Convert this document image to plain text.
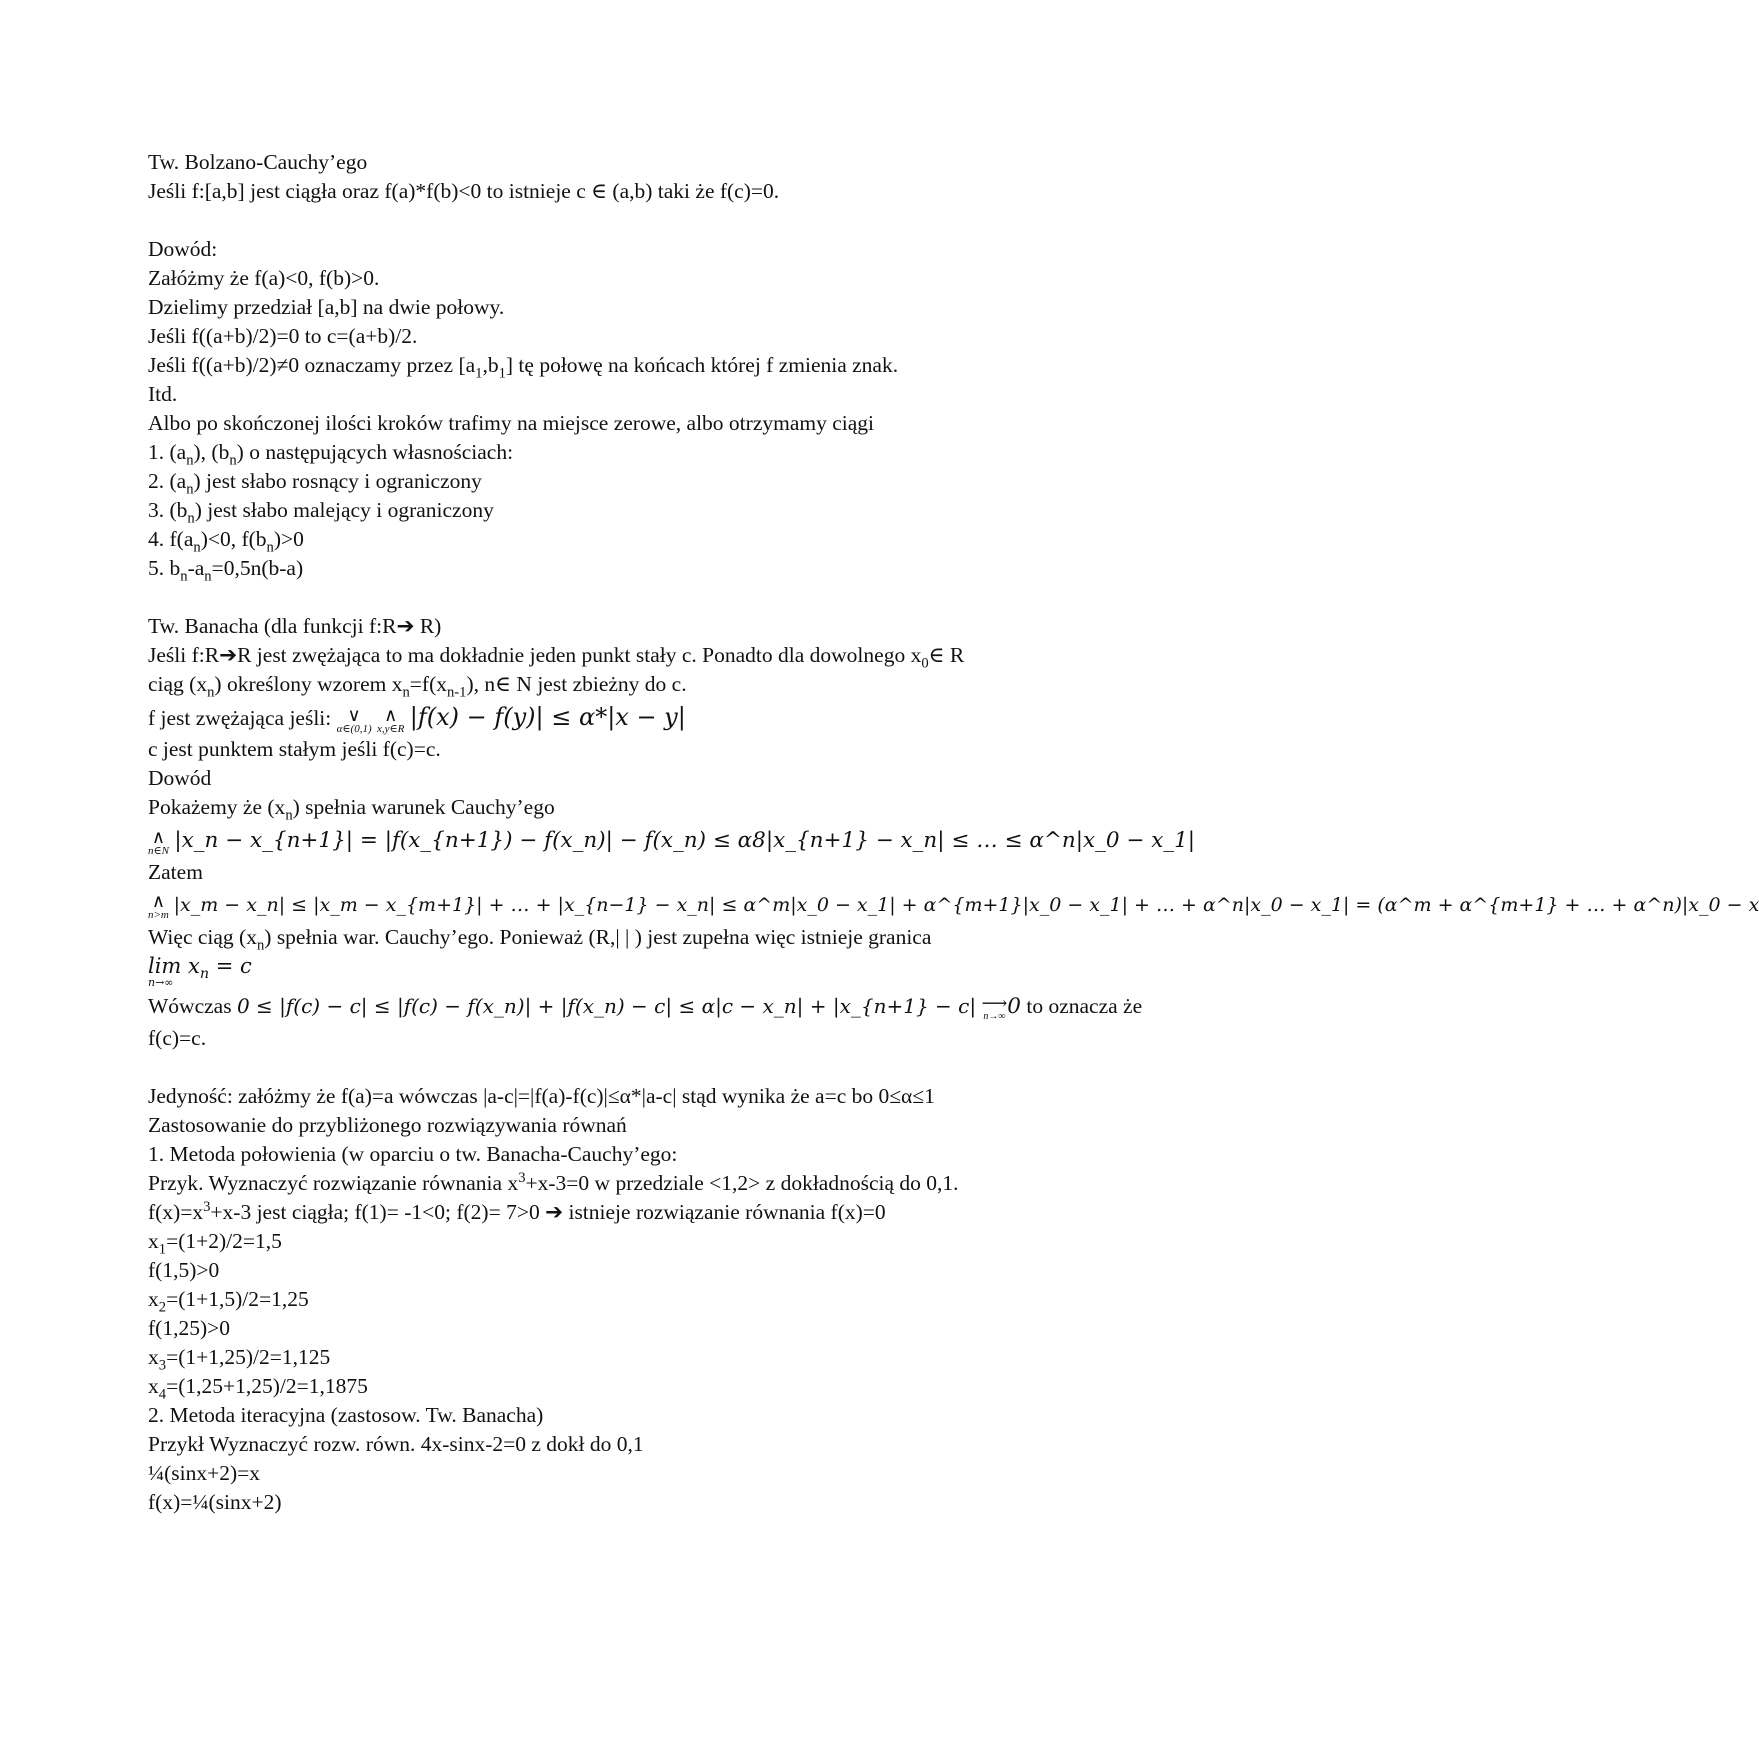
Tw. Bolzano-Cauchy’ego
Jeśli f:[a,b] jest ciągła oraz f(a)*f(b)<0 to istnieje c ∈ (a,b) taki że f(c)=0.
Dowód:
Załóżmy że f(a)<0, f(b)>0.
Dzielimy przedział [a,b] na dwie połowy.
Jeśli f((a+b)/2)=0 to c=(a+b)/2.
Jeśli f((a+b)/2)≠0 oznaczamy przez $[a_1,b_1]$ tę połowę na końcach której f zmienia znak.
Itd.
Albo po skończonej ilości kroków trafimy na miejsce zerowe, albo otrzymamy ciągi
1. $(a_n)$, $(b_n)$ o następujących własnościach:
2. $(a_n)$ jest słabo rosnący i ograniczony
3. $(b_n)$ jest słabo malejący i ograniczony
4. $f(a_n)<0$, $f(b_n)>0$
5. $b_n-a_n=0,5n(b-a)$
Tw. Banacha (dla funkcji f:R➔ R)
Jeśli f:R➔R jest zwężająca to ma dokładnie jeden punkt stały c. Ponadto dla dowolnego $x_0\in$ R
ciąg $(x_n)$ określony wzorem $x_n=f(x_{n-1})$, n∈ N jest zbieżny do c.
f jest zwężająca jeśli: ∨
α∈(0,1)

∧
x,y∈R |f(x) − f(y)| ≤ α*|x − y|
c jest punktem stałym jeśli f(c)=c.
Dowód
Pokażemy że $(x_n)$ spełnia warunek Cauchy’ego
∧
n∈N |x_n − x_{n+1}| = |f(x_{n+1}) − f(x_n)| − f(x_n) ≤ α8|x_{n+1} − x_n| ≤ … ≤ α^n|x_0 − x_1|
Zatem
∧
n>m |x_m − x_n| ≤ |x_m − x_{m+1}| + … + |x_{n−1} − x_n| ≤ α^m|x_0 − x_1| + α^{m+1}|x_0 − x_1| + … + α^n|x_0 − x_1| = (α^m + α^{m+1} + … + α^n)|x_0 − x
Więc ciąg $(x_n)$ spełnia war. Cauchy’ego. Ponieważ (R,| | ) jest zupełna więc istnieje granica
$\lim x_n = c$
n→∞
Wówczas 0 ≤ |f(c) − c| ≤ |f(c) − f(x_n)| + |f(x_n) − c| ≤ α|c − x_n| + |x_{n+1} − c| ⟶
n→∞ 0 to oznacza że
f(c)=c.
Jedyność: załóżmy że f(a)=a wówczas |a-c|=|f(a)-f(c)|≤α*|a-c| stąd wynika że a=c bo 0≤α≤1
Zastosowanie do przybliżonego rozwiązywania równań
1. Metoda połowienia (w oparciu o tw. Banacha-Cauchy’ego:
Przyk. Wyznaczyć rozwiązanie równania $x^3+x-3=0$ w przedziale <1,2> z dokładnością do 0,1.
$f(x)=x^3+x-3$ jest ciągła; f(1)= -1<0; f(2)= 7>0 ➔ istnieje rozwiązanie równania f(x)=0
$x_1=(1+2)/2=1,5$
f(1,5)>0
$x_2=(1+1,5)/2=1,25$
f(1,25)>0
$x_3=(1+1,25)/2=1,125$
$x_4=(1,25+1,25)/2=1,1875$
2. Metoda iteracyjna (zastosow. Tw. Banacha)
Przykł Wyznaczyć rozw. równ. 4x-sinx-2=0 z dokł do 0,1
¼(sinx+2)=x
f(x)=¼(sinx+2)
